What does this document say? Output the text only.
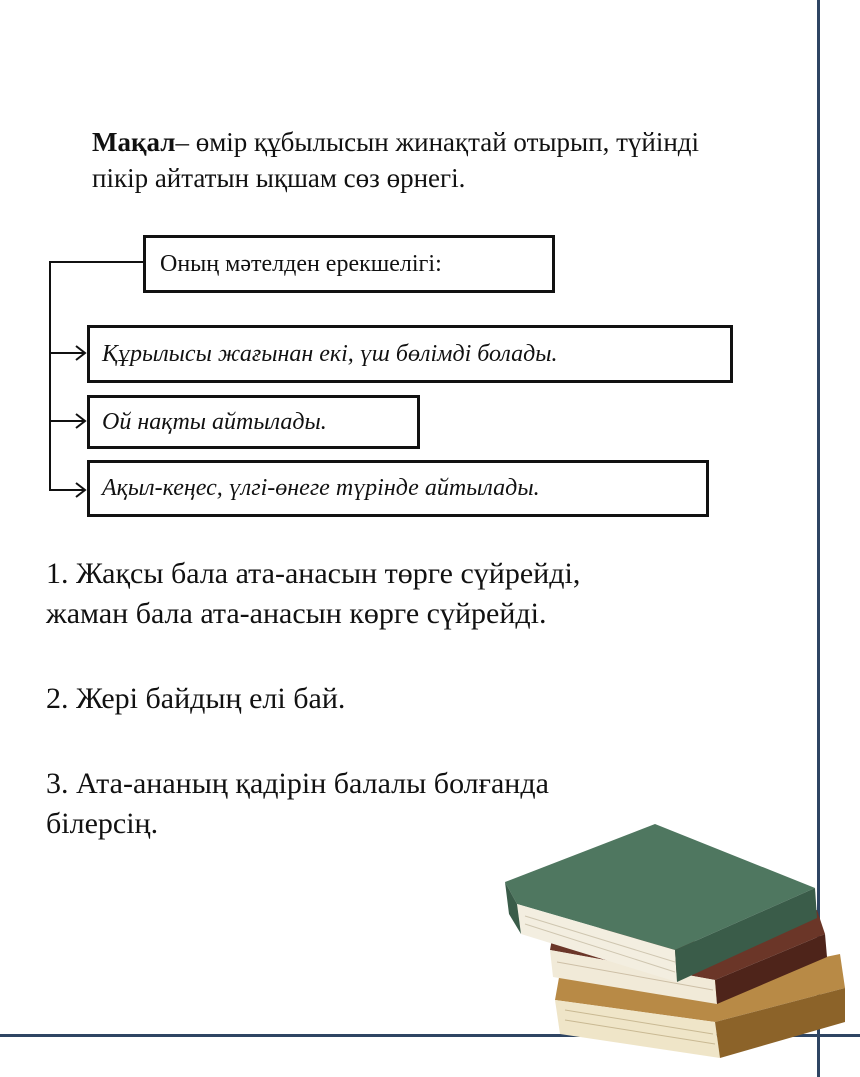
Мақал– өмір құбылысын жинақтай отырып, түйінді пікір айтатын ықшам сөз өрнегі.
Оның мәтелден ерекшелігі:
Құрылысы жағынан екі, үш бөлімді болады.
Ой нақты айтылады.
Ақыл-кеңес, үлгі-өнеге түрінде айтылады.

1. Жақсы бала ата-анасын төрге сүйрейді, жаман бала ата-анасын көрге сүйрейді.

2. Жері байдың елі бай.

3. Ата-ананың қадірін балалы болғанда білерсің.
